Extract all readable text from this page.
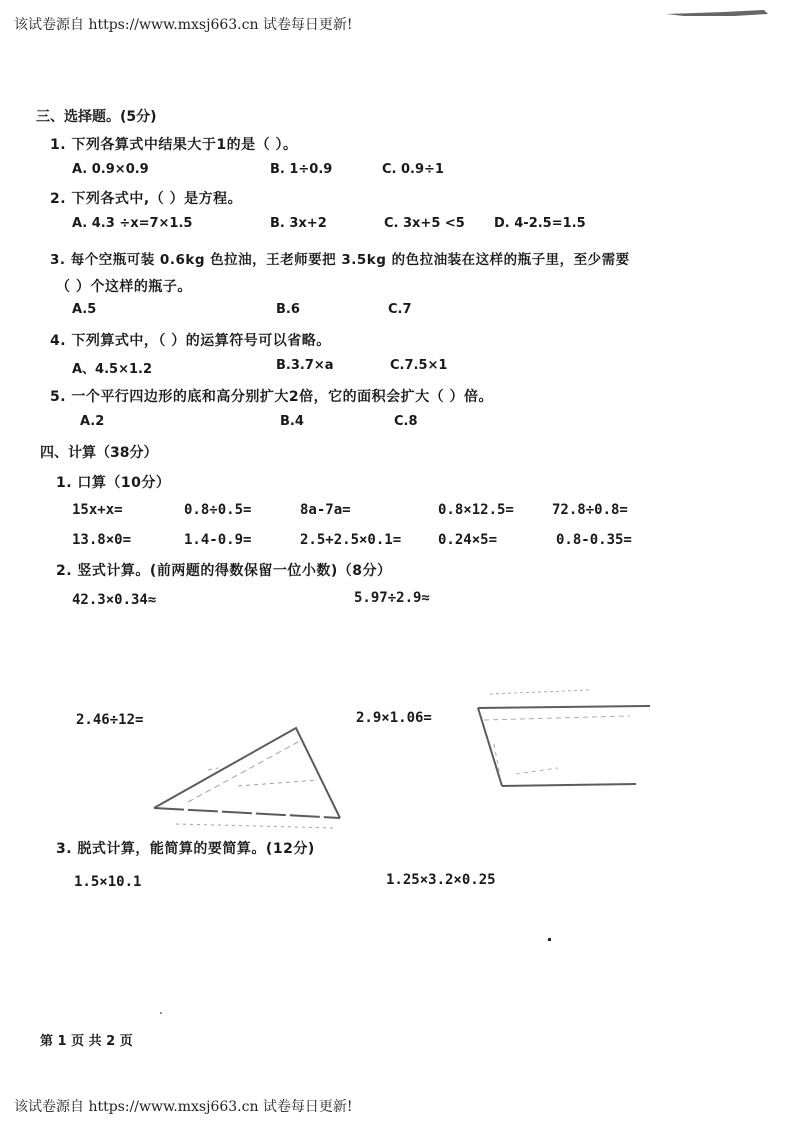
该试卷源自 https://www.mxsj663.cn 试卷每日更新!
该试卷源自 https://www.mxsj663.cn 试卷每日更新!
三、选择题。(5分)
1. 下列各算式中结果大于1的是（ ）。
A. 0.9×0.9	B. 1÷0.9	C. 0.9÷1
2. 下列各式中,（ ）是方程。
A. 4.3 ÷x=7×1.5	B. 3x+2	C. 3x+5 <5 D. 4-2.5=1.5
3. 每个空瓶可装 0.6kg 色拉油，王老师要把 3.5kg 的色拉油装在这样的瓶子里，至少需要
（ ）个这样的瓶子。
A.5	B.6	C.7
4. 下列算式中，（ ）的运算符号可以省略。
A、4.5×1.2	B.3.7×a	C.7.5×1
5. 一个平行四边形的底和高分别扩大2倍，它的面积会扩大（ ）倍。
A.2	B.4	C.8
四、计算（38分）
1. 口算（10分）
15x+x=	0.8÷0.5=	8a-7a=	0.8×12.5=	72.8÷0.8=
13.8×0=	1.4-0.9=	2.5+2.5×0.1=	0.24×5=	0.8-0.35=
2. 竖式计算。(前两题的得数保留一位小数)（8分）
42.3×0.34≈	5.97÷2.9≈
2.46÷12=	2.9×1.06=
3. 脱式计算，能简算的要简算。(12分)
1.5×10.1	1.25×3.2×0.25
第 1 页 共 2 页
